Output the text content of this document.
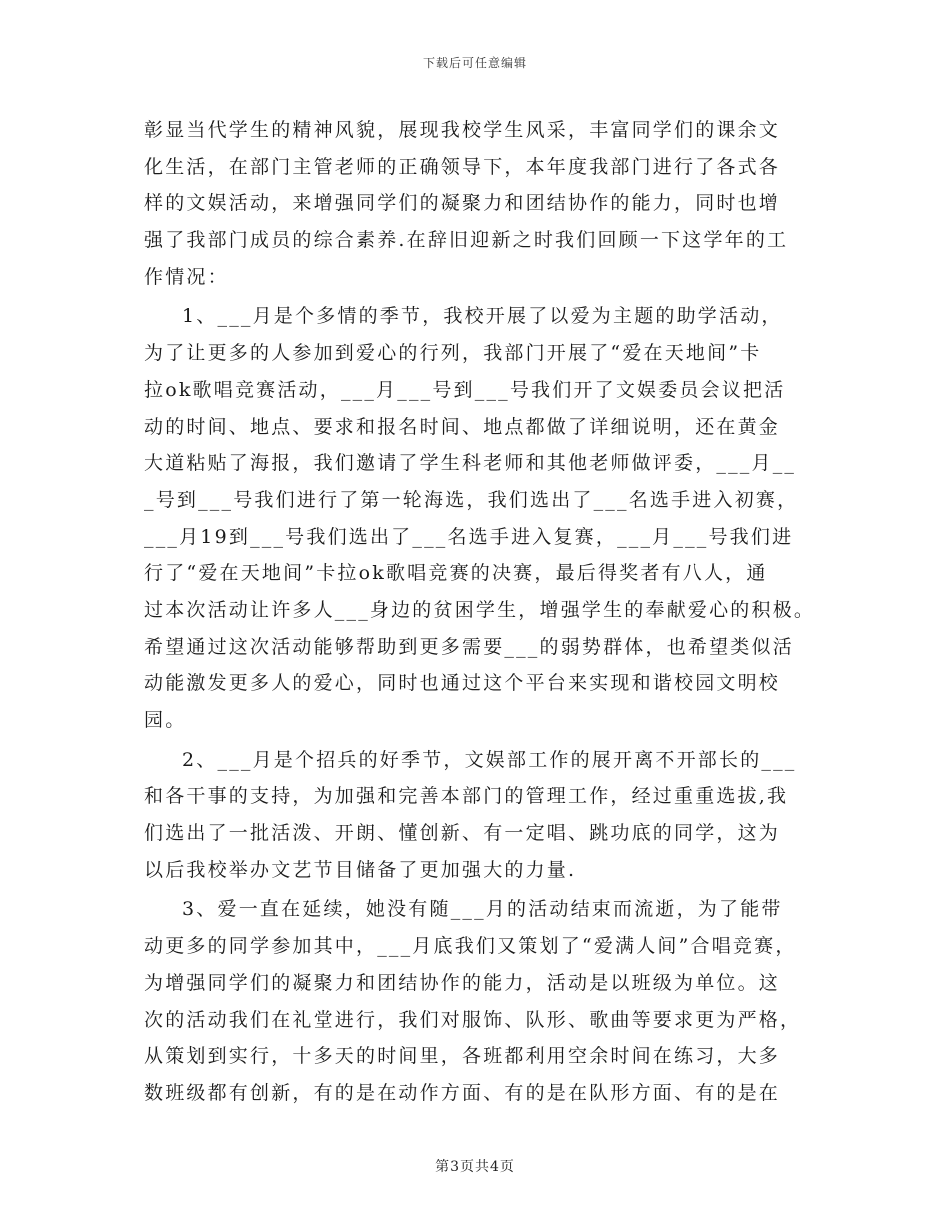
下载后可任意编辑
彰显当代学生的精神风貌，展现我校学生风采，丰富同学们的课余文
化生活，在部门主管老师的正确领导下，本年度我部门进行了各式各
样的文娱活动，来增强同学们的凝聚力和团结协作的能力，同时也增
强了我部门成员的综合素养.在辞旧迎新之时我们回顾一下这学年的工
作情况：
1、___月是个多情的季节，我校开展了以爱为主题的助学活动，
为了让更多的人参加到爱心的行列，我部门开展了“爱在天地间”卡
拉ok歌唱竞赛活动，___月___号到___号我们开了文娱委员会议把活
动的时间、地点、要求和报名时间、地点都做了详细说明，还在黄金
大道粘贴了海报，我们邀请了学生科老师和其他老师做评委，___月__
_号到___号我们进行了第一轮海选，我们选出了___名选手进入初赛，
___月19到___号我们选出了___名选手进入复赛，___月___号我们进
行了“爱在天地间”卡拉ok歌唱竞赛的决赛，最后得奖者有八人，通
过本次活动让许多人___身边的贫困学生，增强学生的奉献爱心的积极。
希望通过这次活动能够帮助到更多需要___的弱势群体，也希望类似活
动能激发更多人的爱心，同时也通过这个平台来实现和谐校园文明校
园。
2、___月是个招兵的好季节，文娱部工作的展开离不开部长的___
和各干事的支持，为加强和完善本部门的管理工作，经过重重选拔,我
们选出了一批活泼、开朗、懂创新、有一定唱、跳功底的同学，这为
以后我校举办文艺节目储备了更加强大的力量.
3、爱一直在延续，她没有随___月的活动结束而流逝，为了能带
动更多的同学参加其中，___月底我们又策划了“爱满人间”合唱竞赛，
为增强同学们的凝聚力和团结协作的能力，活动是以班级为单位。这
次的活动我们在礼堂进行，我们对服饰、队形、歌曲等要求更为严格，
从策划到实行，十多天的时间里，各班都利用空余时间在练习，大多
数班级都有创新，有的是在动作方面、有的是在队形方面、有的是在
第3页共4页
